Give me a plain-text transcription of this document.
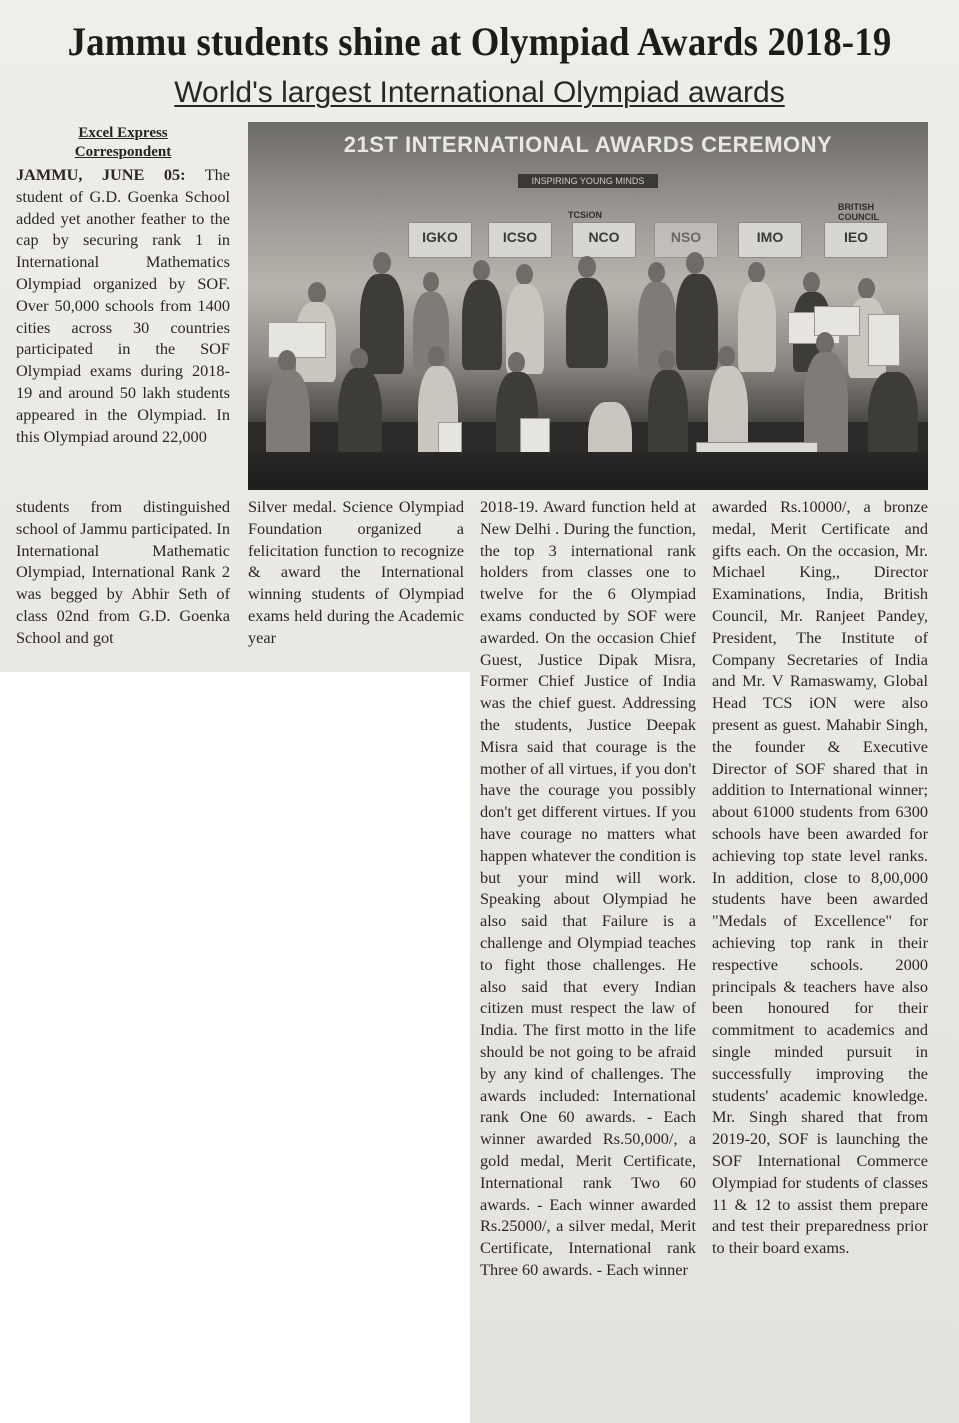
Jammu students shine at Olympiad Awards 2018-19
World's largest International Olympiad awards
Excel Express
Correspondent

JAMMU, JUNE 05: The student of G.D. Goenka School added yet another feather to the cap by securing rank 1 in International Mathematics Olympiad organized by SOF. Over 50,000 schools from 1400 cities across 30 countries participated in the SOF Olympiad exams during 2018-19 and around 50 lakh students appeared in the Olympiad. In this Olympiad around 22,000

21ST INTERNATIONAL AWARDS CEREMONY
INSPIRING YOUNG MINDS
TCSiON
BRITISH COUNCIL
IGKO	ICSO	NCO	NSO	IMO	IEO
students from distinguished school of Jammu participated. In International Mathematic Olympiad, International Rank 2 was begged by Abhir Seth of class 02nd from G.D. Goenka School and got
Silver medal. Science Olympiad Foundation organized a felicitation function to recognize & award the International winning students of Olympiad exams held during the Academic year
2018-19. Award function held at New Delhi . During the function, the top 3 international rank holders from classes one to twelve for the 6 Olympiad exams conducted by SOF were awarded. On the occasion Chief Guest, Justice Dipak Misra, Former Chief Justice of India was the chief guest. Addressing the students, Justice Deepak Misra said that courage is the mother of all virtues, if you don't have the courage you possibly don't get different virtues. If you have courage no matters what happen whatever the condition is but your mind will work. Speaking about Olympiad he also said that Failure is a challenge and Olympiad teaches to fight those challenges. He also said that every Indian citizen must respect the law of India. The first motto in the life should be not going to be afraid by any kind of challenges. The awards included: International rank One 60 awards. - Each winner awarded Rs.50,000/, a gold medal, Merit Certificate, International rank Two 60 awards. - Each winner awarded Rs.25000/, a silver medal, Merit Certificate, International rank Three 60 awards. - Each winner
awarded Rs.10000/, a bronze medal, Merit Certificate and gifts each. On the occasion, Mr. Michael King,, Director Examinations, India, British Council, Mr. Ranjeet Pandey, President, The Institute of Company Secretaries of India and Mr. V Ramaswamy, Global Head TCS iON were also present as guest. Mahabir Singh, the founder & Executive Director of SOF shared that in addition to International winner; about 61000 students from 6300 schools have been awarded for achieving top state level ranks. In addition, close to 8,00,000 students have been awarded "Medals of Excellence" for achieving top rank in their respective schools. 2000 principals & teachers have also been honoured for their commitment to academics and single minded pursuit in successfully improving the students' academic knowledge. Mr. Singh shared that from 2019-20, SOF is launching the SOF International Commerce Olympiad for students of classes 11 & 12 to assist them prepare and test their preparedness prior to their board exams.
